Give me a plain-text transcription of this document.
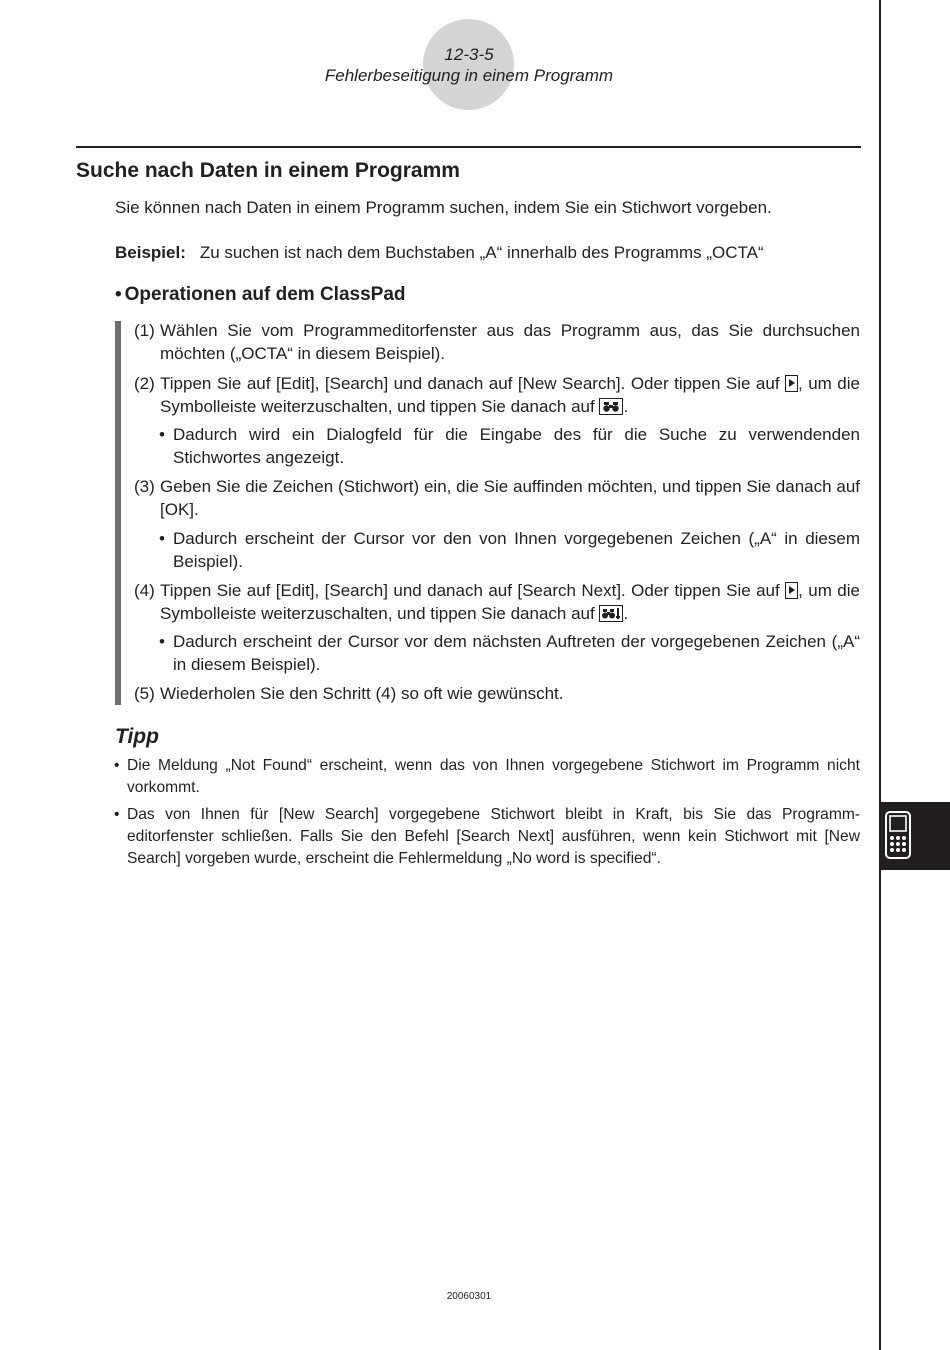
12-3-5
Fehlerbeseitigung in einem Programm
Suche nach Daten in einem Programm
Sie können nach Daten in einem Programm suchen, indem Sie ein Stichwort vorgeben.
Beispiel: Zu suchen ist nach dem Buchstaben „A“ innerhalb des Programms „OCTA“
• Operationen auf dem ClassPad
(1) Wählen Sie vom Programmeditorfenster aus das Programm aus, das Sie durchsuchen möchten („OCTA“ in diesem Beispiel).
(2) Tippen Sie auf [Edit], [Search] und danach auf [New Search]. Oder tippen Sie auf , um die Symbolleiste weiterzuschalten, und tippen Sie danach auf
.
• Dadurch wird ein Dialogfeld für die Eingabe des für die Suche zu verwendenden Stichwortes angezeigt.
(3) Geben Sie die Zeichen (Stichwort) ein, die Sie auffinden möchten, und tippen Sie danach auf [OK].
• Dadurch erscheint der Cursor vor den von Ihnen vorgegebenen Zeichen („A“ in diesem Beispiel).
(4) Tippen Sie auf [Edit], [Search] und danach auf [Search Next]. Oder tippen Sie auf , um die Symbolleiste weiterzuschalten, und tippen Sie danach auf
.
• Dadurch erscheint der Cursor vor dem nächsten Auftreten der vorgegebenen Zeichen („A“ in diesem Beispiel).
(5) Wiederholen Sie den Schritt (4) so oft wie gewünscht.
Tipp
• Die Meldung „Not Found“ erscheint, wenn das von Ihnen vorgegebene Stichwort im Programm nicht vorkommt.
• Das von Ihnen für [New Search] vorgegebene Stichwort bleibt in Kraft, bis Sie das Programm-editorfenster schließen. Falls Sie den Befehl [Search Next] ausführen, wenn kein Stichwort mit [New Search] vorgeben wurde, erscheint die Fehlermeldung „No word is specified“.
20060301
